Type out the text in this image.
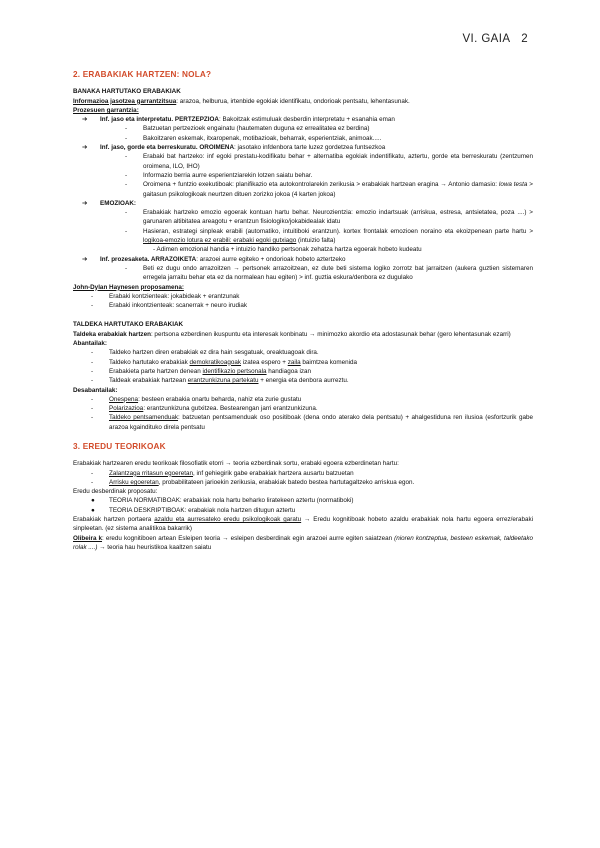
VI. GAIA 2

2. ERABAKIAK HARTZEN: NOLA?

BANAKA HARTUTAKO ERABAKIAK

Informazioa jasotzea garrantzitsua: arazoa, helburua, irtenbide egokiak identifikatu, ondorioak pentsatu, lehentasunak.

Prozesuen garrantzia:

➔	Inf. jaso eta interpretatu. PERTZEPZIOA: Bakoitzak estimuluak desberdin interpretatu + esanahia eman
-	Batzuetan pertzezioek engainatu (hautematen duguna ez errealitatea ez berdina)
-	Bakoitzaren eskemak, itxaropenak, motibazioak, beharrak, esperientziak, animoak.....
➔	Inf. jaso, gorde eta berreskuratu. OROIMENA: jasotako infdenbora tarte luzez gordetzea funtsezkoa
-	Erabaki bat hartzeko: inf egoki prestatu-kodifikatu behar + alternatiba egokiak indentifikatu, aztertu, gorde eta berreskuratu (zentzumen oroimena, ILO, IHO)
-	Informazio berria aurre esperientziarekin lotzen saiatu behar.
-	Oroimena + funtzio exekutiboak: planifikazio eta autokontrolarekin zerikusia > erabakiak hartzean eragina → Antonio damasio: lowa testa > gaitasun psikologikoak neurtzen dituen zorizko jokoa (4 karten jokoa)
➔	EMOZIOAK:
-	Erabakiak hartzeko emozio egoerak kontuan hartu behar. Neurozientzia: emozio indartsuak (arriskua, estresa, antsietatea, poza ....) > garunaren altibitatea areagotu + erantzun fisiologiko/jokabidealak idatu
-	Hasieran, estrategi sinpleak erabili (automatiko, intuitiboki erantzun). kortex frontalak emozioen noraino eta ekoizpenean parte hartu > logikoa-emozio lotura ez erabili: erabaki egoki gutxiago (intuizio falta)
- Adimen emozional handia + intuizio handiko pertsonak zehatza hartza egoerak hobeto kudeatu
➔	Inf. prozesaketa. ARRAZOIKETA: arazoei aurre egiteko + ondorioak hobeto aztertzeko
-	Beti ez dugu ondo arrazoitzen → pertsonek arrazoitzean, ez dute beti sistema logiko zorrotz bat jarraitzen (aukera guztien sistemaren erregela jarraitu behar eta ez da normalean hau egiten) > inf. guztia eskura/denbora ez dugulako

John-Dylan Haynesen proposamena:

-	Erabaki kontzienteak: jokabideak + erantzunak
-	Erabaki inkontzienteak: scanerrak + neuro irudiak

TALDEKA HARTUTAKO ERABAKIAK

Taldeka erabakiak hartzen: pertsona ezberdinen ikuspuntu eta interesak konbinatu → minimozko akordio eta adostasunak behar (gero lehentasunak ezarri)

Abantailak:

-	Taldeko hartzen diren erabakiak ez dira hain sesgatuak, oreaktuagoak dira.
-	Taldeko hartutako erabakiak demokratikoagoak izatea espero + zaila baimtzea komenida
-	Erabakieta parte hartzen denean identifikazio pertsonala handiagoa izan
-	Taldeak erabakiak hartzean erantzunkizuna partekatu + energia eta denbora aurreztu.

Desabantailak:

-	Onespena: besteen erabakia onartu beharda, nahiz eta zurie gustatu
-	Polarizazioa: erantzunkizuna gutxitzea. Bestearengan jarri erantzunkizuna.
-	Taldeko pentsamenduak: batzuetan pentsamenduak oso positiboak (dena ondo aterako dela pentsatu) + ahalgestiduna ren ilusioa (esfortzurik gabe arazoa kgaindituko direla pentsatu

3. EREDU TEORIKOAK

Erabakiak hartzearen eredu teorikoak filosofiatik etorri → teoria ezberdinak sortu, erabaki egoera ezberdinetan hartu:

-	Zalantzaga rritasun egoeretan, inf gehiegirik gabe erabakiak hartzera ausartu batzuetan
-	Arrisku egoeretan, probabilitateen jarioekin zerikusia, erabakiak batedo bestea hartutagaltzeko arriskua egon.

Eredu desberdinak proposatu:

●	TEORIA NORMATIBOAK: erabakiak nola hartu beharko liratekeen aztertu (normatiboki)
●	TEORIA DESKRIPTIBOAK: erabakiak nola hartzen ditugun aztertu

Erabakiak hartzen portaera azaldu eta aurresateko eredu psikologikoak garatu → Eredu kognitiboak hobeto azaldu erabakiak nola hartu egoera errez/erabaki sinpleetan. (ez sistema analitikoa bakarrik)

Olibeira k: eredu kognitiboen artean Esleipen teoria → esleipen desberdinak egin arazoei aurre egiten saiatzean (nioren kontzeptua, besteen eskemak, taldeetako rolak ....) → teoria hau heuristikoa kaaltzen saiatu
